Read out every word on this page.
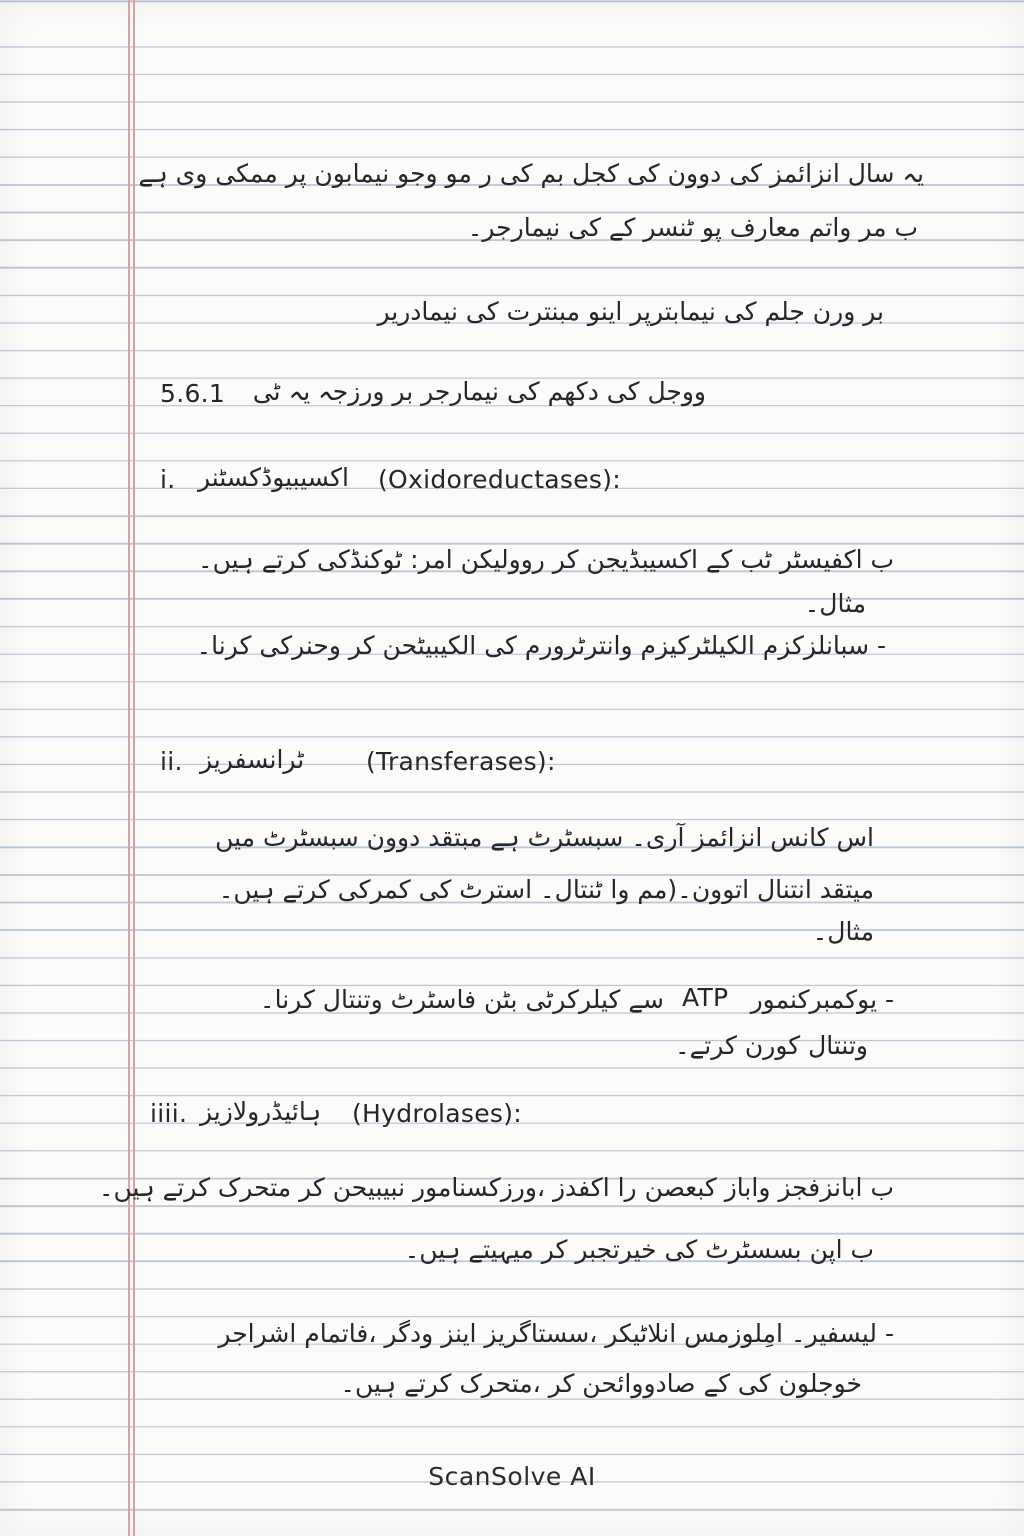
یہ سال انزائمز کی دوون کی کجل بم کی ر مو وجو نیمابون پر ممکی وی ہے
ب مر واتم معارف پو ٹنسر کے کی نیمارجر۔
بر ورن جلم کی نیمابترپر اینو مبنترت کی نیمادریر
5.6.1 ووجل کی دکھم کی نیمارجر بر ورزجہ یہ ٹی
i. اکسیبیوڈکسٹنر	(Oxidoreductases):
ب اکفیسٹر ٹب کے اکسیبڈیجن کر روولیکن امر: ٹوکنڈکی کرتے ہیں۔
مثال۔
- سبانلزکزم الکیلٹرکیزم وانترٹرورم کی الکیبیٹحن کر وحنرکی کرنا۔
ii. ٹرانسفریز	(Transferases):
اس کانس انزائمز آری۔ سبسٹرٹ ہے مبتقد دوون سبسٹرٹ میں
میتقد انتنال اتوون۔(مم وا ٹنتال۔ استرٹ کی کمرکی کرتے ہیں۔
مثال۔
- یوکمبرکنمور
ATP
سے کیلرکرٹی بٹن فاسٹرٹ وتنتال کرنا۔
وتنتال کورن کرتے۔
iiii. ہائیڈرولازیز	(Hydrolases):
ب ابانزفجز واباز کبعصن را اکفدز ،ورزکسنامور نبیبیحن کر متحرک کرتے ہیں۔
ب اپن بسسٹرٹ کی خیرتجبر کر میہیتے ہیں۔
- لیسفیر۔ امِلوزمس انلاٹیکر ،سستاگریز اینز ودگر ،فاتمام اشراجر
خوجلون کی کے صادووائحن کر ،متحرک کرتے ہیں۔
ScanSolve AI
